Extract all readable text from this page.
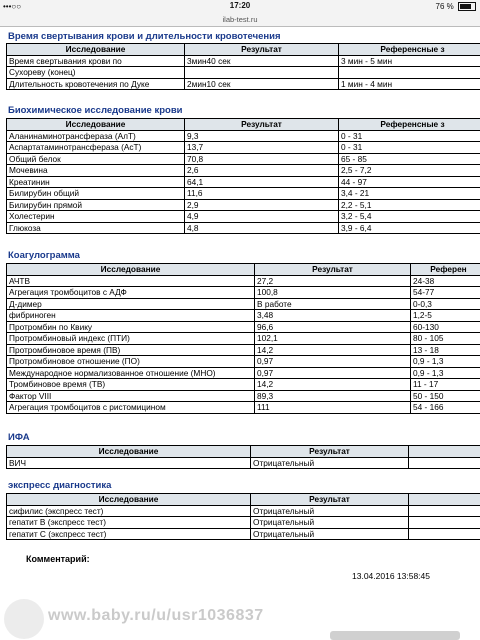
•••○○	17:20	76 %
ilab-test.ru
Время свертывания крови и длительности кровотечения
Исследование	Результат	Референсные з
Время свертывания крови по	3мин40 сек	3 мин - 5 мин
Сухореву (конец)		
Длительность кровотечения по Дуке	2мин10 сек	1 мин - 4 мин
Биохимическое исследование крови
Исследование	Результат	Референсные з
Аланинаминотрансфераза (АлТ)	9,3	0 - 31
Аспартатаминотрансфераза (АсТ)	13,7	0 - 31
Общий белок	70,8	65 - 85
Мочевина	2,6	2,5 - 7,2
Креатинин	64,1	44 - 97
Билирубин общий	11,6	3,4 - 21
Билирубин прямой	2,9	2,2 - 5,1
Холестерин	4,9	3,2 - 5,4
Глюкоза	4,8	3,9 - 6,4
Коагулограмма
Исследование	Результат	Референ
АЧТВ	27,2	24-38
Агрегация тромбоцитов с АДФ	100,8	54-77
Д-димер	В работе	0-0,3
фибриноген	3,48	1,2-5
Протромбин по Квику	96,6	60-130
Протромбиновый индекс (ПТИ)	102,1	80 - 105
Протромбиновое время (ПВ)	14,2	13 - 18
Протромбиновое отношение (ПО)	0,97	0,9 - 1,3
Международное нормализованное отношение (МНО)	0,97	0,9 - 1,3
Тромбиновое время (ТВ)	14,2	11 - 17
Фактор VIII	89,3	50 - 150
Агрегация тромбоцитов с ристомицином	111	54 - 166
ИФА
Исследование	Результат	
ВИЧ	Отрицательный	
экспресс диагностика
Исследование	Результат	
сифилис (экспресс тест)	Отрицательный	
гепатит B (экспресс тест)	Отрицательный	
гепатит C (экспресс тест)	Отрицательный	
Комментарий:
13.04.2016 13:58:45
www.baby.ru/u/usr1036837
